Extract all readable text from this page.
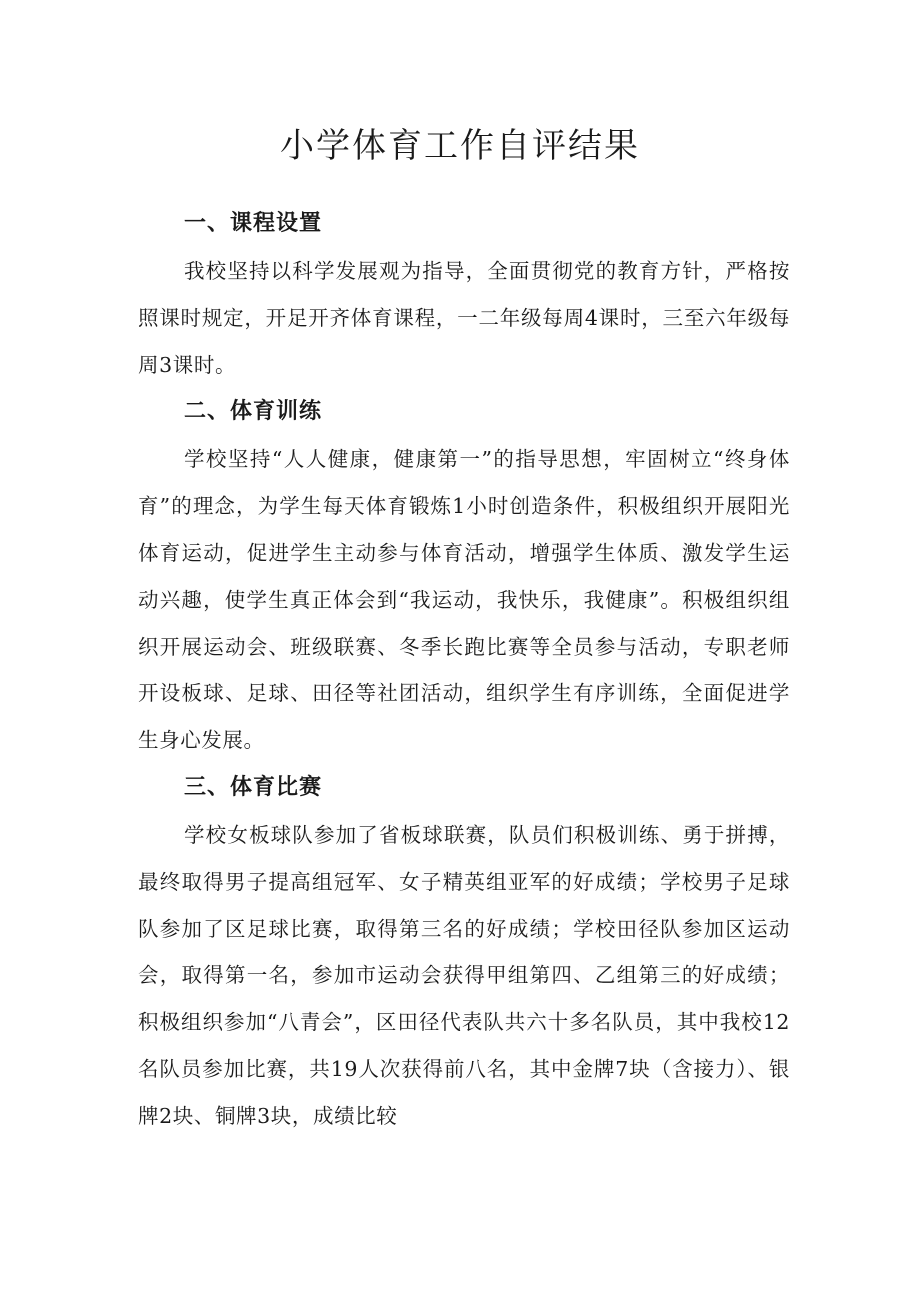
小学体育工作自评结果
一、课程设置

我校坚持以科学发展观为指导，全面贯彻党的教育方针，严格按照课时规定，开足开齐体育课程，一二年级每周4课时，三至六年级每周3课时。

二、体育训练

学校坚持“人人健康，健康第一”的指导思想，牢固树立“终身体育”的理念，为学生每天体育锻炼1小时创造条件，积极组织开展阳光体育运动，促进学生主动参与体育活动，增强学生体质、激发学生运动兴趣，使学生真正体会到“我运动，我快乐，我健康”。积极组织组织开展运动会、班级联赛、冬季长跑比赛等全员参与活动，专职老师开设板球、足球、田径等社团活动，组织学生有序训练，全面促进学生身心发展。

三、体育比赛

学校女板球队参加了省板球联赛，队员们积极训练、勇于拼搏，最终取得男子提高组冠军、女子精英组亚军的好成绩；学校男子足球队参加了区足球比赛，取得第三名的好成绩；学校田径队参加区运动会，取得第一名，参加市运动会获得甲组第四、乙组第三的好成绩；积极组织参加“八青会”，区田径代表队共六十多名队员，其中我校12名队员参加比赛，共19人次获得前八名，其中金牌7块（含接力）、银牌2块、铜牌3块，成绩比较
